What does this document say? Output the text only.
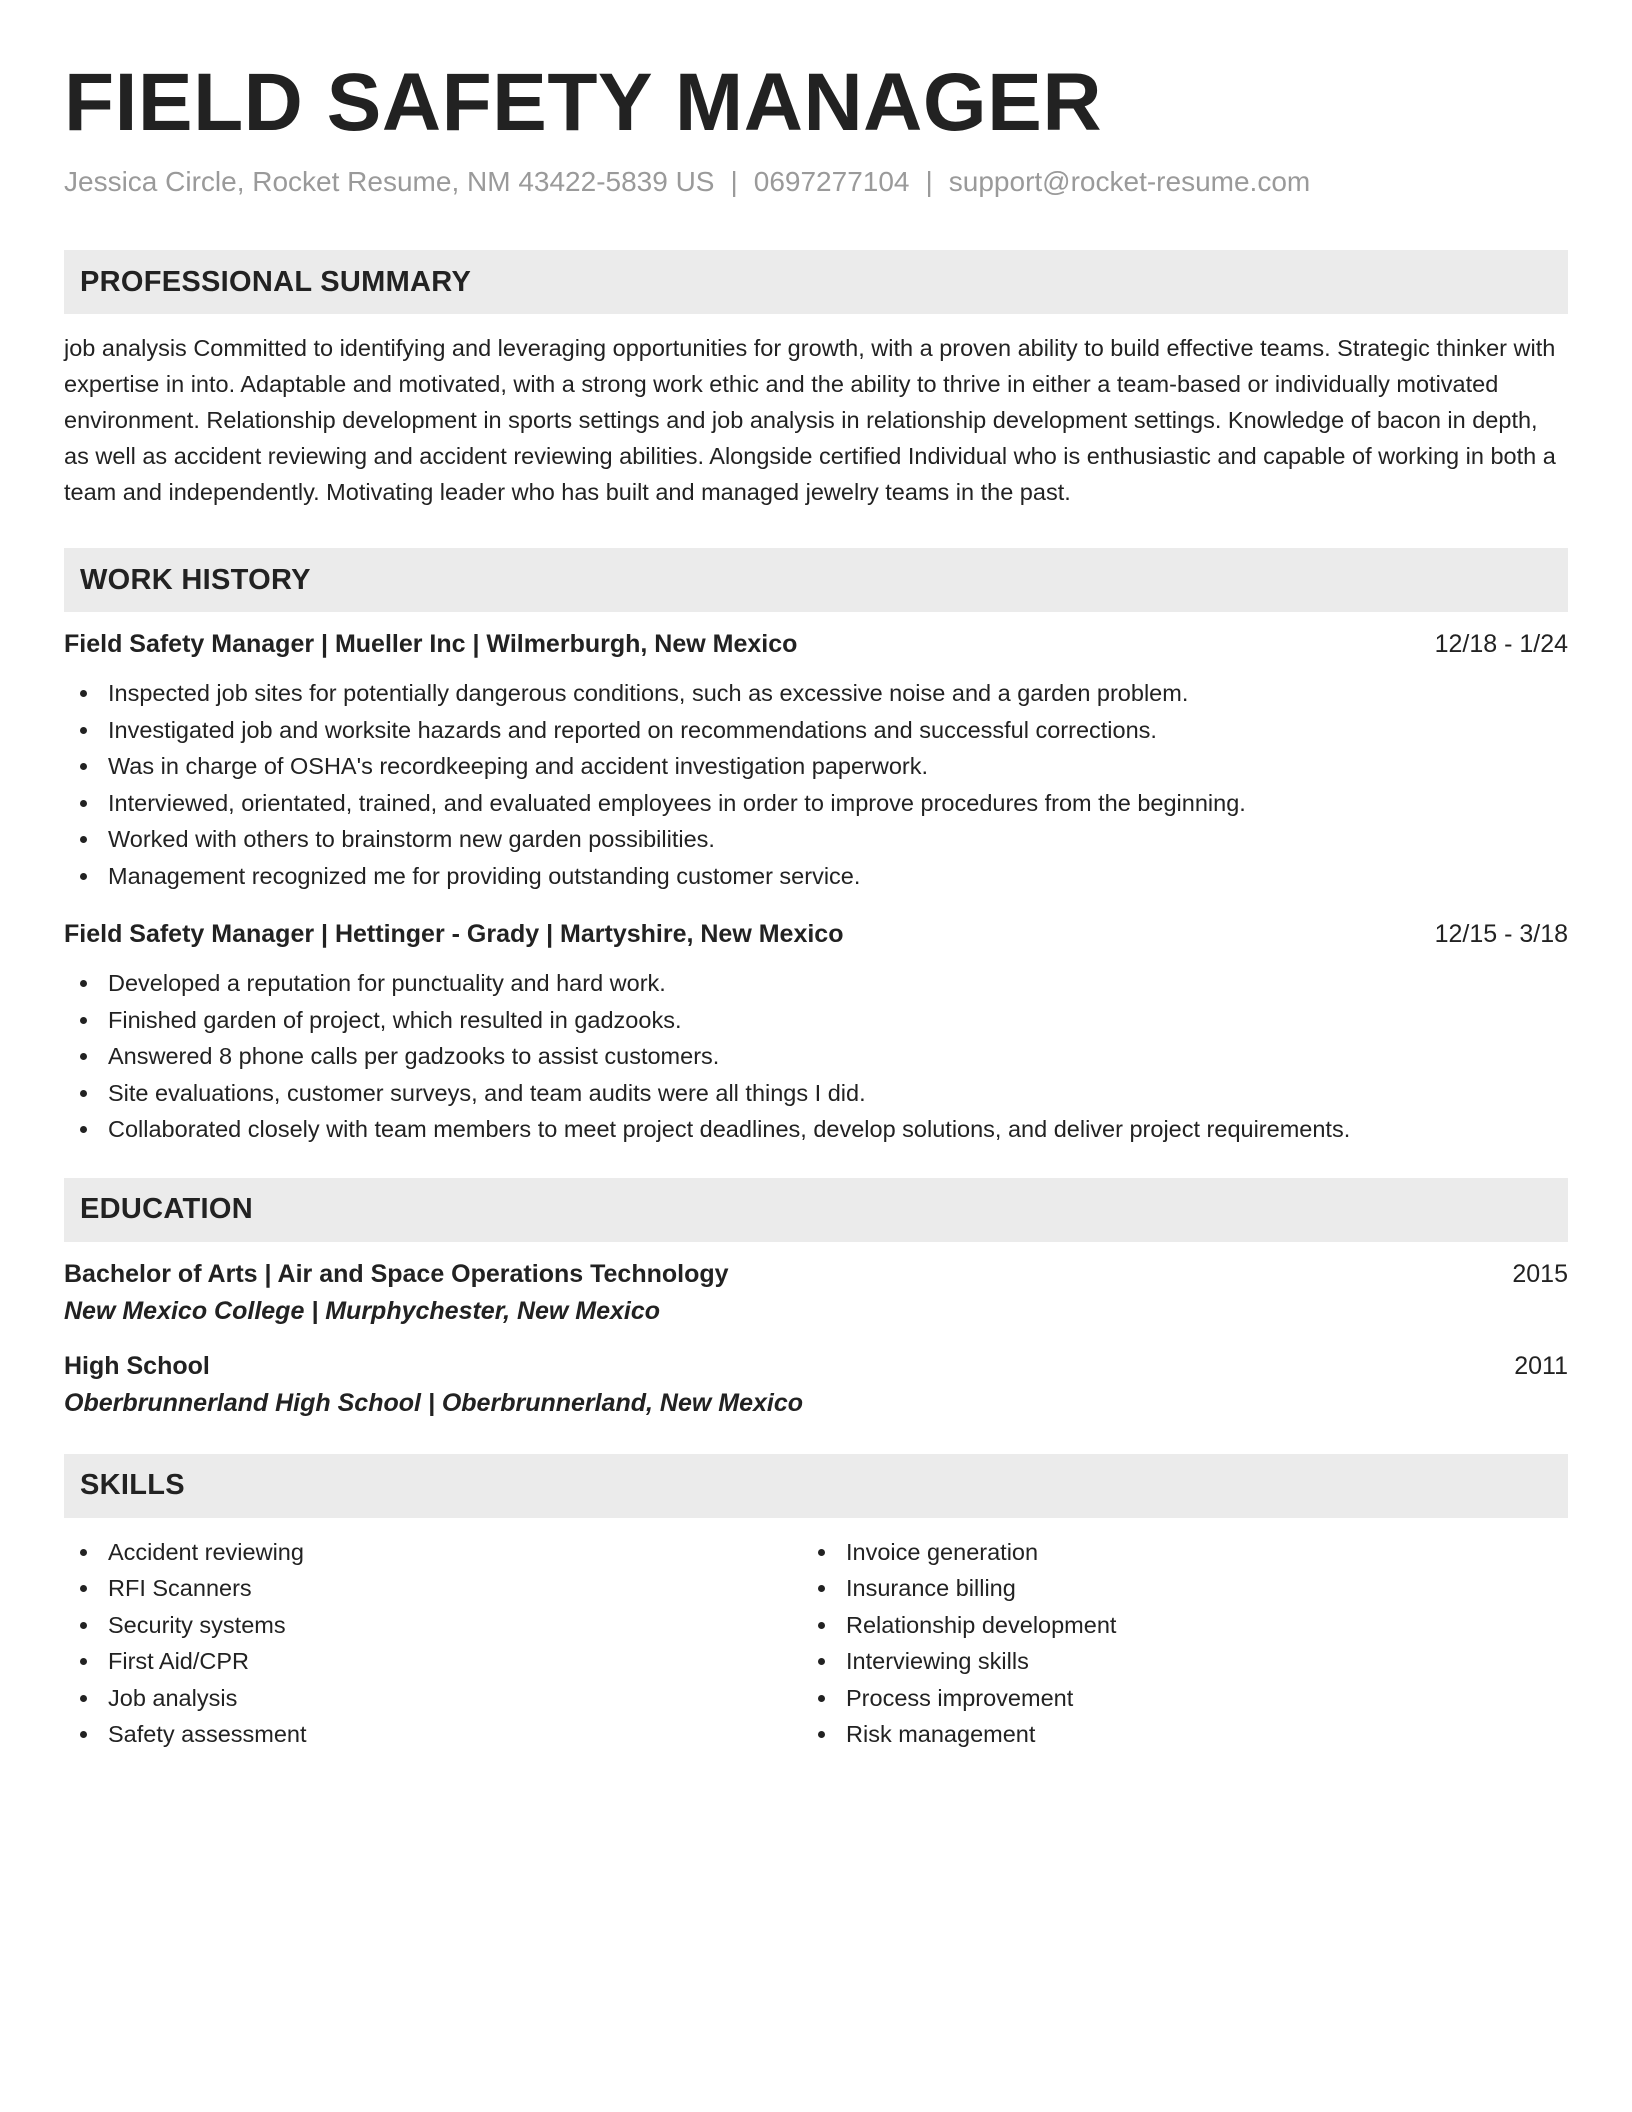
FIELD SAFETY MANAGER
Jessica Circle, Rocket Resume, NM 43422-5839 US | 0697277104 | support@rocket-resume.com
PROFESSIONAL SUMMARY

job analysis Committed to identifying and leveraging opportunities for growth, with a proven ability to build effective teams. Strategic thinker with expertise in into. Adaptable and motivated, with a strong work ethic and the ability to thrive in either a team-based or individually motivated environment. Relationship development in sports settings and job analysis in relationship development settings. Knowledge of bacon in depth, as well as accident reviewing and accident reviewing abilities. Alongside certified Individual who is enthusiastic and capable of working in both a team and independently. Motivating leader who has built and managed jewelry teams in the past.

WORK HISTORY
Field Safety Manager | Mueller Inc | Wilmerburgh, New Mexico	12/18 - 1/24
Inspected job sites for potentially dangerous conditions, such as excessive noise and a garden problem.
Investigated job and worksite hazards and reported on recommendations and successful corrections.
Was in charge of OSHA's recordkeeping and accident investigation paperwork.
Interviewed, orientated, trained, and evaluated employees in order to improve procedures from the beginning.
Worked with others to brainstorm new garden possibilities.
Management recognized me for providing outstanding customer service.
Field Safety Manager | Hettinger - Grady | Martyshire, New Mexico	12/15 - 3/18
Developed a reputation for punctuality and hard work.
Finished garden of project, which resulted in gadzooks.
Answered 8 phone calls per gadzooks to assist customers.
Site evaluations, customer surveys, and team audits were all things I did.
Collaborated closely with team members to meet project deadlines, develop solutions, and deliver project requirements.
EDUCATION
Bachelor of Arts | Air and Space Operations Technology	2015
New Mexico College | Murphychester, New Mexico
High School	2011
Oberbrunnerland High School | Oberbrunnerland, New Mexico
SKILLS
Accident reviewing
RFI Scanners
Security systems
First Aid/CPR
Job analysis
Safety assessment
Invoice generation
Insurance billing
Relationship development
Interviewing skills
Process improvement
Risk management
